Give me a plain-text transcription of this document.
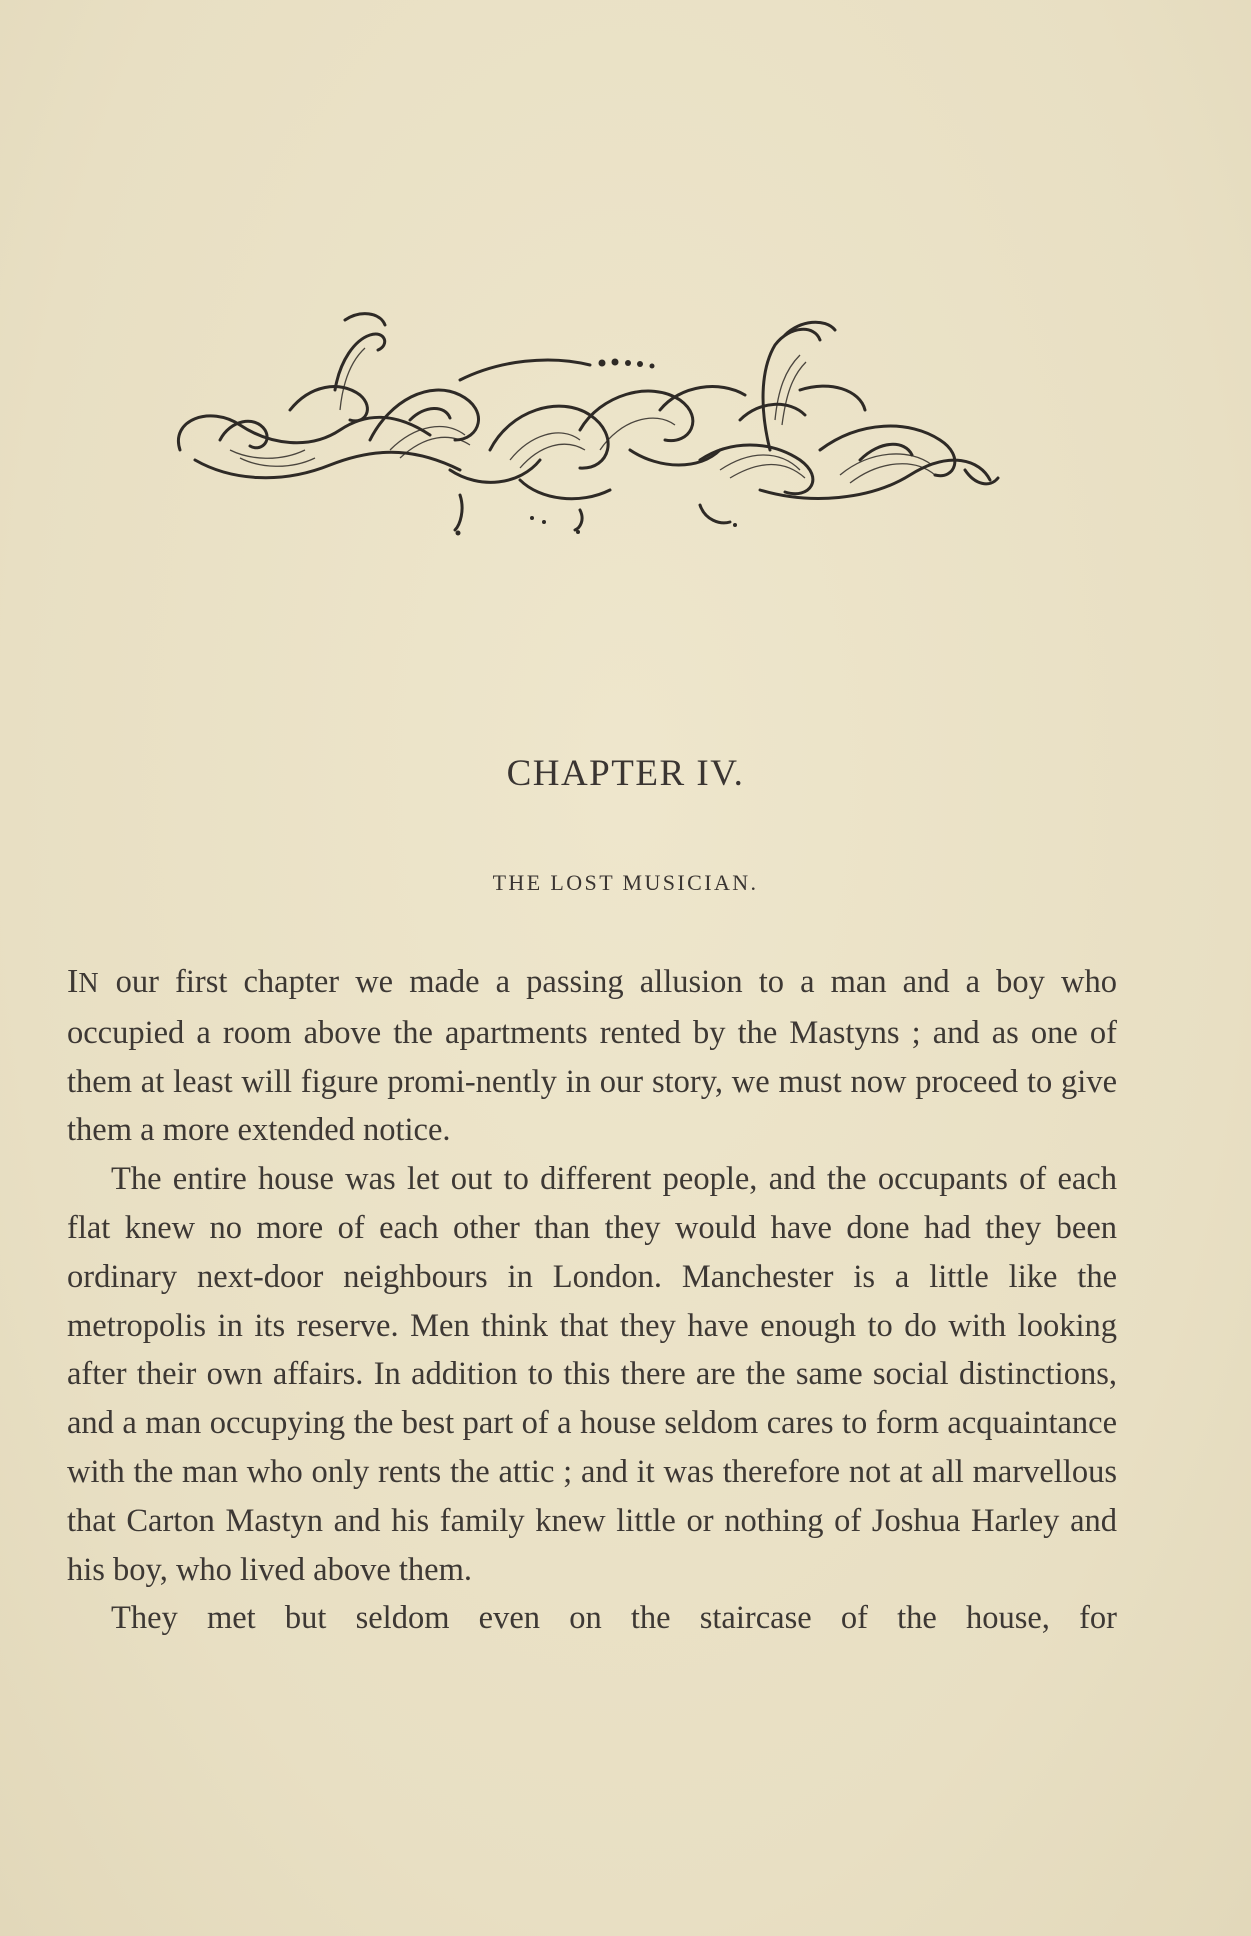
CHAPTER IV.
THE LOST MUSICIAN.

IN our first chapter we made a passing allusion to a man and a boy who occupied a room above the apartments rented by the Mastyns ; and as one of them at least will figure promi-nently in our story, we must now proceed to give them a more extended notice.

The entire house was let out to different people, and the occupants of each flat knew no more of each other than they would have done had they been ordinary next-door neighbours in London. Manchester is a little like the metropolis in its reserve. Men think that they have enough to do with looking after their own affairs. In addition to this there are the same social distinctions, and a man occupying the best part of a house seldom cares to form acquaintance with the man who only rents the attic ; and it was therefore not at all marvellous that Carton Mastyn and his family knew little or nothing of Joshua Harley and his boy, who lived above them.

They met but seldom even on the staircase of the house, for
